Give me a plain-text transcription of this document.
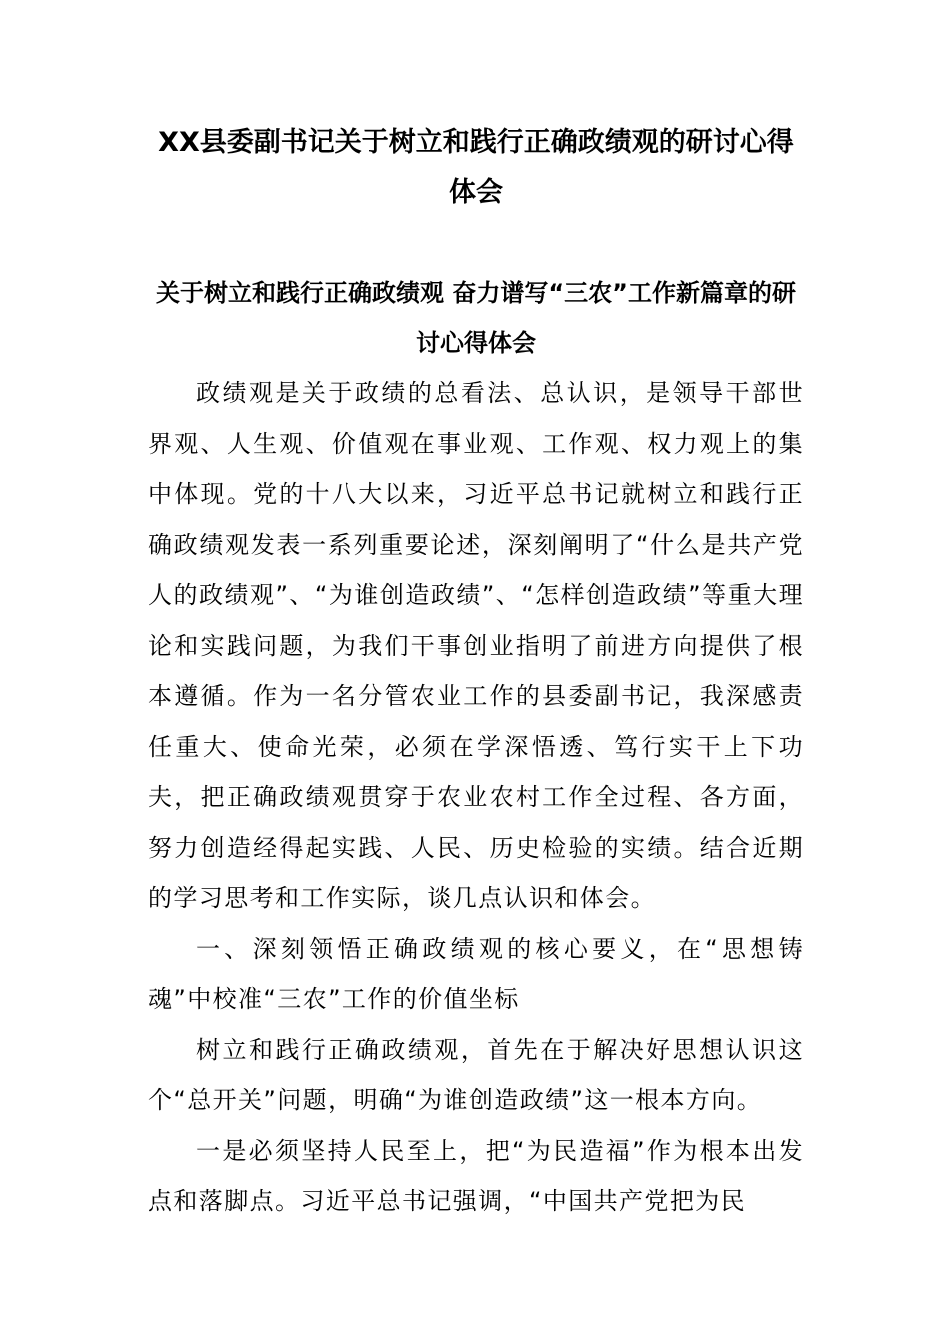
XX县委副书记关于树立和践行正确政绩观的研讨心得体会
关于树立和践行正确政绩观 奋力谱写“三农”工作新篇章的研讨心得体会

政绩观是关于政绩的总看法、总认识，是领导干部世界观、人生观、价值观在事业观、工作观、权力观上的集中体现。党的十八大以来，习近平总书记就树立和践行正确政绩观发表一系列重要论述，深刻阐明了“什么是共产党人的政绩观”、“为谁创造政绩”、“怎样创造政绩”等重大理论和实践问题，为我们干事创业指明了前进方向提供了根本遵循。作为一名分管农业工作的县委副书记，我深感责任重大、使命光荣，必须在学深悟透、笃行实干上下功夫，把正确政绩观贯穿于农业农村工作全过程、各方面，努力创造经得起实践、人民、历史检验的实绩。结合近期的学习思考和工作实际，谈几点认识和体会。

一、深刻领悟正确政绩观的核心要义，在“思想铸魂”中校准“三农”工作的价值坐标

树立和践行正确政绩观，首先在于解决好思想认识这个“总开关”问题，明确“为谁创造政绩”这一根本方向。

一是必须坚持人民至上，把“为民造福”作为根本出发点和落脚点。习近平总书记强调，“中国共产党把为民
